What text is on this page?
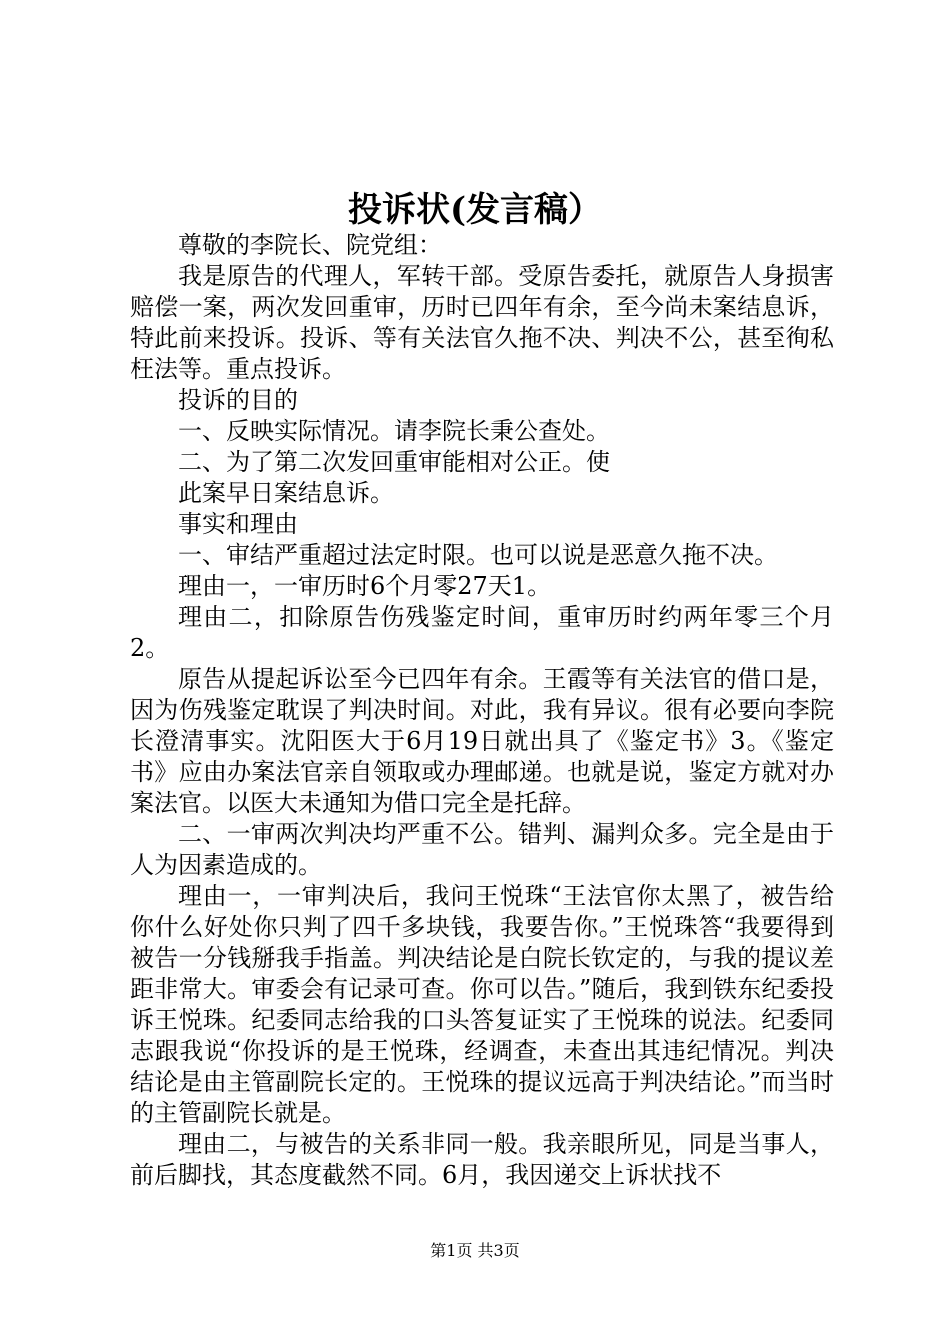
投诉状(发言稿）

尊敬的李院长、院党组：

我是原告的代理人，军转干部。受原告委托，就原告人身损害赔偿一案，两次发回重审，历时已四年有余，至今尚未案结息诉，特此前来投诉。投诉、等有关法官久拖不决、判决不公，甚至徇私枉法等。重点投诉。

投诉的目的

一、反映实际情况。请李院长秉公查处。

二、为了第二次发回重审能相对公正。使

此案早日案结息诉。

事实和理由

一、审结严重超过法定时限。也可以说是恶意久拖不决。

理由一，一审历时6个月零27天1。

理由二，扣除原告伤残鉴定时间，重审历时约两年零三个月2。

原告从提起诉讼至今已四年有余。王霞等有关法官的借口是，因为伤残鉴定耽误了判决时间。对此，我有异议。很有必要向李院长澄清事实。沈阳医大于6月19日就出具了《鉴定书》3。《鉴定书》应由办案法官亲自领取或办理邮递。也就是说，鉴定方就对办案法官。以医大未通知为借口完全是托辞。

二、一审两次判决均严重不公。错判、漏判众多。完全是由于人为因素造成的。

理由一，一审判决后，我问王悦珠“王法官你太黑了，被告给你什么好处你只判了四千多块钱，我要告你。”王悦珠答“我要得到被告一分钱掰我手指盖。判决结论是白院长钦定的，与我的提议差距非常大。审委会有记录可查。你可以告。”随后，我到铁东纪委投诉王悦珠。纪委同志给我的口头答复证实了王悦珠的说法。纪委同志跟我说“你投诉的是王悦珠，经调查，未查出其违纪情况。判决结论是由主管副院长定的。王悦珠的提议远高于判决结论。”而当时的主管副院长就是。

理由二，与被告的关系非同一般。我亲眼所见，同是当事人，前后脚找，其态度截然不同。6月，我因递交上诉状找不

第1页 共3页
